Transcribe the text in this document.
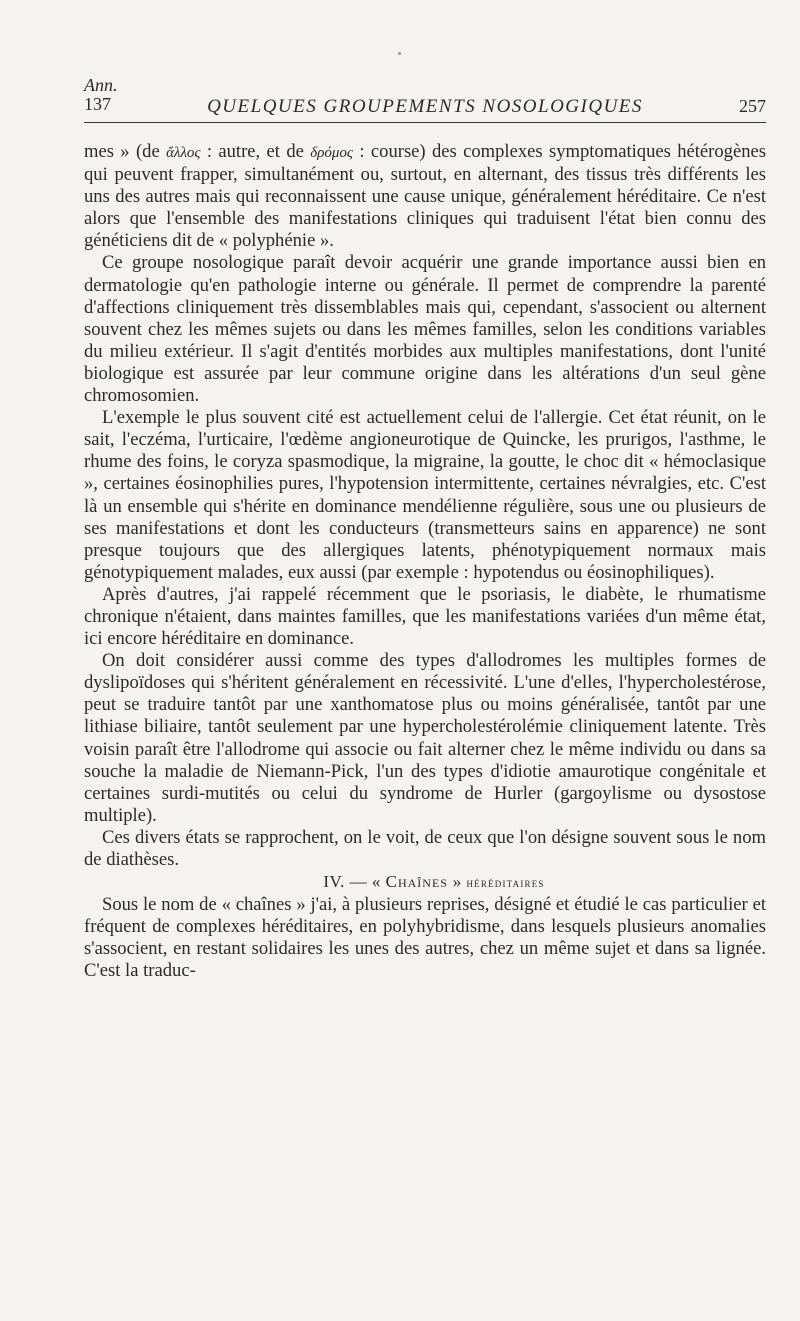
Ann.
137	QUELQUES GROUPEMENTS NOSOLOGIQUES	257

mes » (de ἄλλος : autre, et de δρόμος : course) des complexes symptomatiques hétérogènes qui peuvent frapper, simultanément ou, surtout, en alternant, des tissus très différents les uns des autres mais qui reconnaissent une cause unique, généralement héréditaire. Ce n'est alors que l'ensemble des manifestations cliniques qui traduisent l'état bien connu des généticiens dit de « polyphénie ».

Ce groupe nosologique paraît devoir acquérir une grande importance aussi bien en dermatologie qu'en pathologie interne ou générale. Il permet de comprendre la parenté d'affections cliniquement très dissemblables mais qui, cependant, s'associent ou alternent souvent chez les mêmes sujets ou dans les mêmes familles, selon les conditions variables du milieu extérieur. Il s'agit d'entités morbides aux multiples manifestations, dont l'unité biologique est assurée par leur commune origine dans les altérations d'un seul gène chromosomien.

L'exemple le plus souvent cité est actuellement celui de l'allergie. Cet état réunit, on le sait, l'eczéma, l'urticaire, l'œdème angioneurotique de Quincke, les prurigos, l'asthme, le rhume des foins, le coryza spasmodique, la migraine, la goutte, le choc dit « hémoclasique », certaines éosinophilies pures, l'hypotension intermittente, certaines névralgies, etc. C'est là un ensemble qui s'hérite en dominance mendélienne régulière, sous une ou plusieurs de ses manifestations et dont les conducteurs (transmetteurs sains en apparence) ne sont presque toujours que des allergiques latents, phénotypiquement normaux mais génotypiquement malades, eux aussi (par exemple : hypotendus ou éosinophiliques).

Après d'autres, j'ai rappelé récemment que le psoriasis, le diabète, le rhumatisme chronique n'étaient, dans maintes familles, que les manifestations variées d'un même état, ici encore héréditaire en dominance.

On doit considérer aussi comme des types d'allodromes les multiples formes de dyslipoïdoses qui s'héritent généralement en récessivité. L'une d'elles, l'hypercholestérose, peut se traduire tantôt par une xanthomatose plus ou moins généralisée, tantôt par une lithiase biliaire, tantôt seulement par une hypercholestérolémie cliniquement latente. Très voisin paraît être l'allodrome qui associe ou fait alterner chez le même individu ou dans sa souche la maladie de Niemann-Pick, l'un des types d'idiotie amaurotique congénitale et certaines surdi-mutités ou celui du syndrome de Hurler (gargoylisme ou dysostose multiple).

Ces divers états se rapprochent, on le voit, de ceux que l'on désigne souvent sous le nom de diathèses.

IV. — « Chaînes » héréditaires

Sous le nom de « chaînes » j'ai, à plusieurs reprises, désigné et étudié le cas particulier et fréquent de complexes héréditaires, en polyhybridisme, dans lesquels plusieurs anomalies s'associent, en restant solidaires les unes des autres, chez un même sujet et dans sa lignée. C'est la traduc-
